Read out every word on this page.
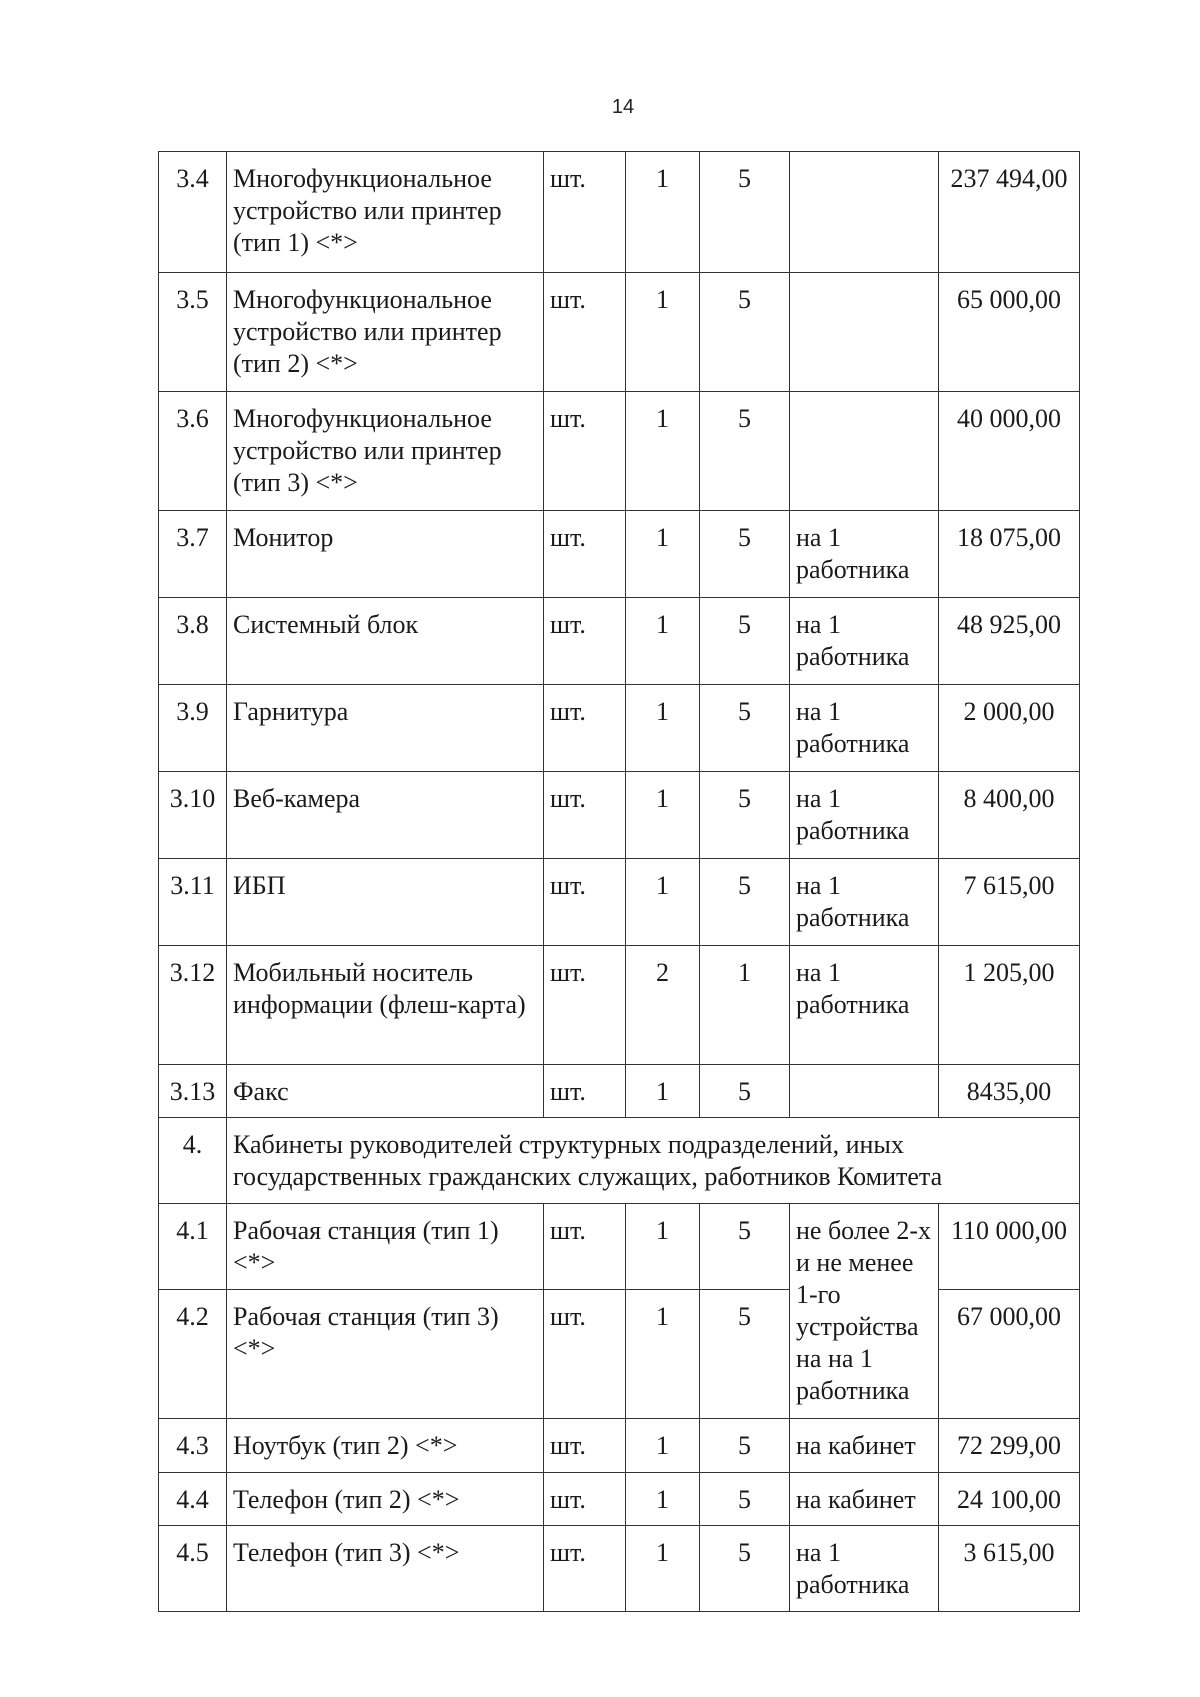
14
3.4	Многофункциональное устройство или принтер (тип 1) <*>	шт.	1	5		237 494,00
3.5	Многофункциональное устройство или принтер (тип 2) <*>	шт.	1	5		65 000,00
3.6	Многофункциональное устройство или принтер (тип 3) <*>	шт.	1	5		40 000,00
3.7	Монитор	шт.	1	5	на 1 работника	18 075,00
3.8	Системный блок	шт.	1	5	на 1 работника	48 925,00
3.9	Гарнитура	шт.	1	5	на 1 работника	2 000,00
3.10	Веб-камера	шт.	1	5	на 1 работника	8 400,00
3.11	ИБП	шт.	1	5	на 1 работника	7 615,00
3.12	Мобильный носитель информации (флеш-карта)	шт.	2	1	на 1 работника	1 205,00
3.13	Факс	шт.	1	5		8435,00
4.	Кабинеты руководителей структурных подразделений, иных государственных гражданских служащих, работников Комитета					
4.1	Рабочая станция (тип 1) <*>	шт.	1	5	не более 2-х и не менее 1-го устройства на на 1 работника	110 000,00
4.2	Рабочая станция (тип 3) <*>	шт.	1	5		67 000,00
4.3	Ноутбук (тип 2) <*>	шт.	1	5	на кабинет	72 299,00
4.4	Телефон (тип 2) <*>	шт.	1	5	на кабинет	24 100,00
4.5	Телефон (тип 3) <*>	шт.	1	5	на 1 работника	3 615,00
